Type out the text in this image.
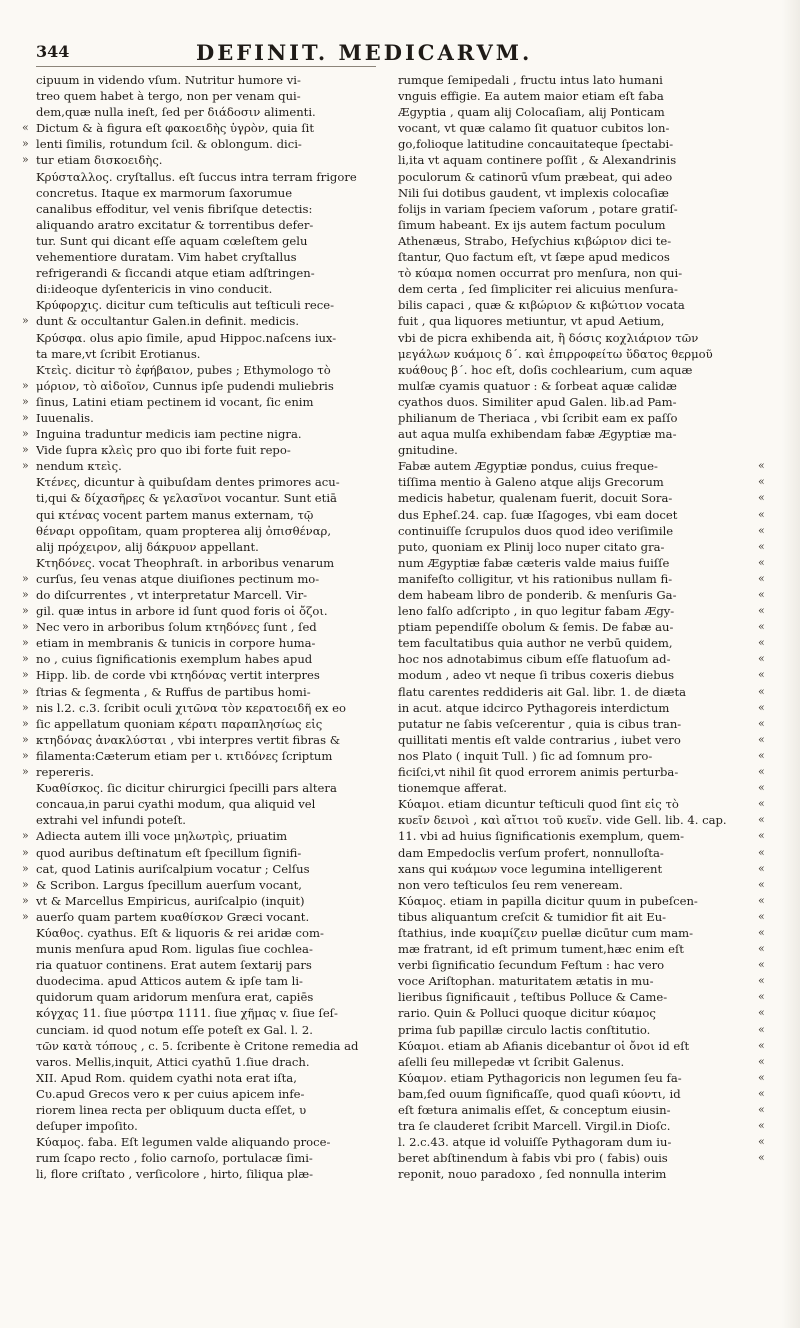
344	DEFINIT. MEDICARVM.
«
»
»
»
»
»
»
»
»
»
»
»
»
»
»
»
»
»
»
»
»
»
»
»
»
»
»
»
»
cipuum in videndo vſum. Nutritur humore vi-
treo quem habet à tergo, non per venam qui-
dem,quæ nulla ineſt, ſed per διάδοσιν alimenti.
Dictum & à figura eſt φακοειδὴς ὑγρὸν, quia ſit
lenti ſimilis, rotundum ſcil. & oblongum. dici-
tur etiam δισκοειδὴς.
Κρύσταλλος. cryſtallus. eſt ſuccus intra terram frigore
concretus. Itaque ex marmorum ſaxorumue
canalibus effoditur, vel venis fibriſque detectis:
aliquando aratro excitatur & torrentibus defer-
tur. Sunt qui dicant eſſe aquam cœleſtem gelu
vehementiore duratam. Vim habet cryſtallus
refrigerandi & ſiccandi atque etiam adſtringen-
di:ideoque dyſentericis in vino conducit.
Κρύφορχις. dicitur cum teſticulis aut teſticuli rece-
dunt & occultantur Galen.in definit. medicis.
Κρύσφα. olus apio ſimile, apud Hippoc.naſcens iux-
ta mare,vt ſcribit Erotianus.
Κτεὶς. dicitur τὸ ἐφήβαιον, pubes ; Ethymologo τὸ
μόριον, τὸ αἰδοῖον, Cunnus ipſe pudendi muliebris
ſinus, Latini etiam pectinem id vocant, ſic enim
Iuuenalis.
Inguina traduntur medicis iam pectine nigra.
Vide ſupra κλεὶς pro quo ibi forte fuit repo-
nendum κτεὶς.
Κτένες, dicuntur à quibuſdam dentes primores acu-
ti,qui & δίχασῆρες & γελασῖνοι vocantur. Sunt etiā
qui κτένας vocent partem manus externam, τῷ
θέναρι oppoſitam, quam propterea alij ὀπισθέναρ,
alij πρόχειρον, alij δάκρυον appellant.
Κτηδόνες. vocat Theophraſt. in arboribus venarum
curſus, ſeu venas atque diuiſiones pectinum mo-
do diſcurrentes , vt interpretatur Marcell. Vir-
gil. quæ intus in arbore id ſunt quod foris οἱ ὄζοι.
Nec vero in arboribus ſolum κτηδόνες ſunt , ſed
etiam in membranis & tunicis in corpore huma-
no , cuius ſignificationis exemplum habes apud
Hipp. lib. de corde vbi κτηδόνας vertit interpres
ſtrias & ſegmenta , & Ruffus de partibus homi-
nis l.2. c.3. ſcribit oculi χιτῶνα τὸν κερατοειδῆ ex eo
ſic appellatum quoniam κέρατι παραπλησίως εἰς
κτηδόνας ἀνακλύσται , vbi interpres vertit fibras &
filamenta:Cæterum etiam per ι. κτιδόνες ſcriptum
repereris.
Κυαθίσκος. ſic dicitur chirurgici ſpecilli pars altera
concaua,in parui cyathi modum, qua aliquid vel
extrahi vel infundi poteſt.
Adiecta autem illi voce μηλωτρὶς, priuatim
quod auribus deſtinatum eſt ſpecillum ſignifi-
cat, quod Latinis auriſcalpium vocatur ; Celſus
& Scribon. Largus ſpecillum auerſum vocant,
vt & Marcellus Empiricus, auriſcalpio (inquit)
auerſo quam partem κυαθίσκον Græci vocant.
Κύαθος. cyathus. Eſt & liquoris & rei aridæ com-
munis menſura apud Rom. ligulas ſiue cochlea-
ria quatuor continens. Erat autem ſextarij pars
duodecima. apud Atticos autem & ipſe tam li-
quidorum quam aridorum menſura erat, capiēs
κόγχας 11. ſiue μύστρα 1111. ſiue χῆμας v. ſiue ſeſ-
cunciam. id quod notum eſſe poteſt ex Gal. l. 2.
τῶν κατὰ τόπους , c. 5. ſcribente è Critone remedia ad
varos. Mellis,inquit, Attici cyathū 1.ſiue drach.
XII. Apud Rom. quidem cyathi nota erat iſta,
Cυ.apud Grecos vero κ per cuius apicem infe-
riorem linea recta per obliquum ducta eſſet, υ
deſuper impoſito.
Κύαμος. faba. Eſt legumen valde aliquando proce-
rum ſcapo recto , folio carnoſo, portulacæ ſimi-
li, flore criſtato , verſicolore , hirto, ſiliqua plæ-
rumque ſemipedali , fructu intus lato humani
vnguis effigie. Ea autem maior etiam eſt faba
Ægyptia , quam alij Colocaſiam, alij Ponticam
vocant, vt quæ calamo ſit quatuor cubitos lon-
go,folioque latitudine concauitateque ſpectabi-
li,ita vt aquam continere poſſit , & Alexandrinis
poculorum & catinorū vſum præbeat, qui adeo
Nili ſui dotibus gaudent, vt implexis colocaſiæ
folijs in variam ſpeciem vaſorum , potare gratiſ-
ſimum habeant. Ex ijs autem factum poculum
Athenæus, Strabo, Heſychius κιβώριον dici te-
ſtantur, Quo factum eſt, vt ſæpe apud medicos
τὸ κύαμα nomen occurrat pro menſura, non qui-
dem certa , ſed ſimpliciter rei alicuius menſura-
bilis capaci , quæ & κιβώριον & κιβώτιον vocata
fuit , qua liquores metiuntur, vt apud Aetium,
vbi de picra exhibenda ait, ἢ δόσις κοχλιάριον τῶν
μεγάλων κυάμοις δ΄. καὶ ἐπιρροφείτω ὕδατος θερμοῦ
κυάθους β΄. hoc eſt, doſis cochlearium, cum aquæ
mulſæ cyamis quatuor : & ſorbeat aquæ calidæ
cyathos duos. Similiter apud Galen. lib.ad Pam-
philianum de Theriaca , vbi ſcribit eam ex paſſo
aut aqua mulſa exhibendam fabæ Ægyptiæ ma-
gnitudine.
Fabæ autem Ægyptiæ pondus, cuius freque-
tiſſima mentio à Galeno atque alijs Grecorum
medicis habetur, qualenam fuerit, docuit Sora-
dus Epheſ.24. cap. ſuæ Iſagoges, vbi eam docet
continuiſſe ſcrupulos duos quod ideo veriſimile
puto, quoniam ex Plinij loco nuper citato gra-
num Ægyptiæ fabæ cæteris valde maius fuiſſe
manifeſto colligitur, vt his rationibus nullam fi-
dem habeam libro de ponderib. & menſuris Ga-
leno falſo adſcripto , in quo legitur fabam Ægy-
ptiam pependiſſe obolum & ſemis. De fabæ au-
tem facultatibus quia author ne verbū quidem,
hoc nos adnotabimus cibum eſſe flatuoſum ad-
modum , adeo vt neque ſi tribus coxeris diebus
flatu carentes reddideris ait Gal. libr. 1. de diæta
in acut. atque idcirco Pythagoreis interdictum
putatur ne ſabis veſcerentur , quia is cibus tran-
quillitati mentis eſt valde contrarius , iubet vero
nos Plato ( inquit Tull. ) ſic ad ſomnum pro-
ficiſci,vt nihil ſit quod errorem animis perturba-
tionemque afferat.
Κύαμοι. etiam dicuntur teſticuli quod ſint εἰς τὸ
κυεῖν δεινοὶ , καὶ αἴτιοι τοῦ κυεῖν. vide Gell. lib. 4. cap.
11. vbi ad huius ſignificationis exemplum, quem-
dam Empedoclis verſum profert, nonnulloſta-
xans qui κυάμων voce legumina intelligerent
non vero teſticulos ſeu rem veneream.
Κύαμος. etiam in papilla dicitur quum in pubeſcen-
tibus aliquantum creſcit & tumidior fit ait Eu-
ſtathius, inde κυαμίζειν puellæ dicūtur cum mam-
mæ fratrant, id eſt primum tument,hæc enim eſt
verbi ſignificatio ſecundum Feſtum : hac vero
voce Ariſtophan. maturitatem ætatis in mu-
lieribus ſignificauit , teſtibus Polluce & Came-
rario. Quin & Polluci quoque dicitur κύαμος
prima ſub papillæ circulo lactis conſtitutio.
Κύαμοι. etiam ab Afianis dicebantur οἱ ὄνοι id eſt
aſelli ſeu millepedæ vt ſcribit Galenus.
Κύαμον. etiam Pythagoricis non legumen ſeu fa-
bam,ſed ouum ſignificaſſe, quod quaſi κύοντι, id
eſt fœtura animalis eſſet, & conceptum eiusin-
tra ſe clauderet ſcribit Marcell. Virgil.in Dioſc.
l. 2.c.43. atque id voluiſſe Pythagoram dum iu-
beret abſtinendum à fabis vbi pro ( fabis) ouis
reponit, nouo paradoxo , ſed nonnulla interim
«
«
«
«
«
«
«
«
«
«
«
«
«
«
«
«
«
«
«
«
«
«
«
«
«
«
«
«
«
«
«
«
«
«
«
«
«
«
«
«
«
«
«
«
